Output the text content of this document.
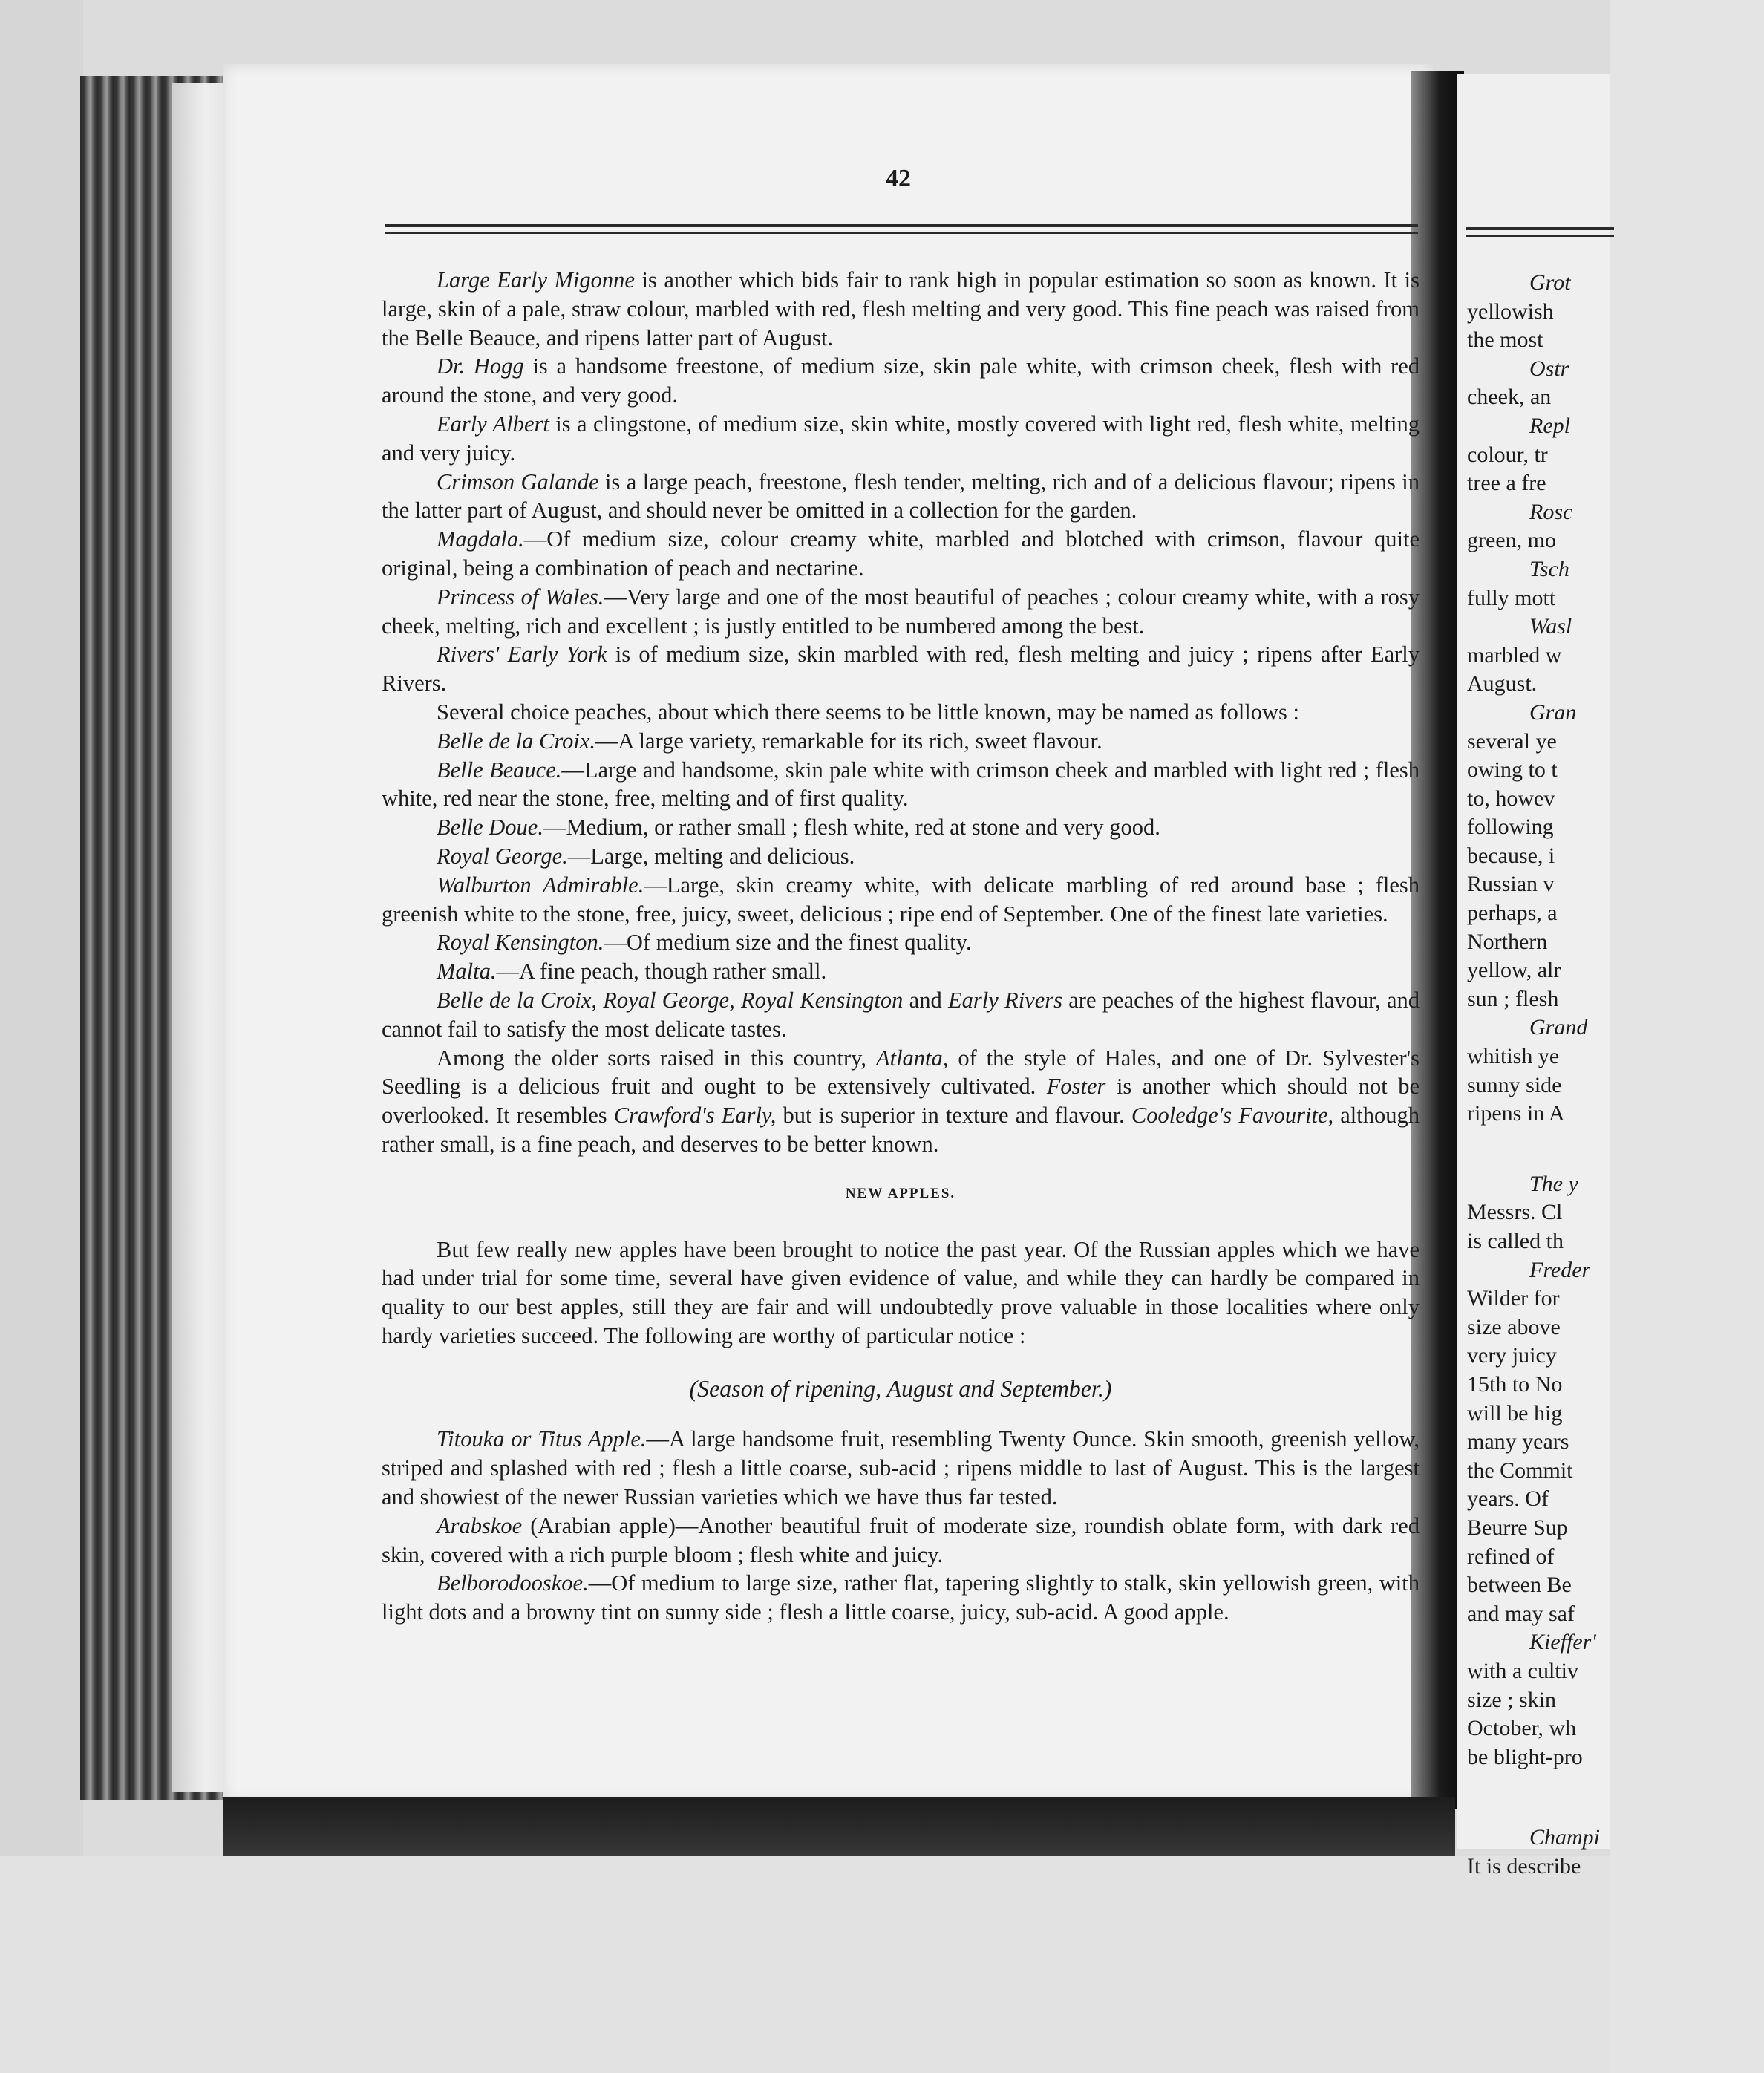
Grot
yellowish
the most
Ostr
cheek, an
Repl
colour, tr
tree a fre
Rosc
green, mo
Tsch
fully mott
Wasl
marbled w
August.
Gran
several ye
owing to t
to, howev
following
because, i
Russian v
perhaps, a
Northern
yellow, alr
sun ; flesh
Grand
whitish ye
sunny side
ripens in A
The y
Messrs. Cl
is called th
Freder
Wilder for
size above
very juicy
15th to No
will be hig
many years
the Commit
years. Of
Beurre Sup
refined of
between Be
and may saf
Kieffer'
with a cultiv
size ; skin
October, wh
be blight-pro
Champi
It is describe
42

Large Early Migonne is another which bids fair to rank high in popular estimation so soon as known. It is large, skin of a pale, straw colour, marbled with red, flesh melting and very good. This fine peach was raised from the Belle Beauce, and ripens latter part of August.

Dr. Hogg is a handsome freestone, of medium size, skin pale white, with crimson cheek, flesh with red around the stone, and very good.

Early Albert is a clingstone, of medium size, skin white, mostly covered with light red, flesh white, melting and very juicy.

Crimson Galande is a large peach, freestone, flesh tender, melting, rich and of a delicious flavour; ripens in the latter part of August, and should never be omitted in a collection for the garden.

Magdala.—Of medium size, colour creamy white, marbled and blotched with crimson, flavour quite original, being a combination of peach and nectarine.

Princess of Wales.—Very large and one of the most beautiful of peaches ; colour creamy white, with a rosy cheek, melting, rich and excellent ; is justly entitled to be numbered among the best.

Rivers' Early York is of medium size, skin marbled with red, flesh melting and juicy ; ripens after Early Rivers.

Several choice peaches, about which there seems to be little known, may be named as follows :

Belle de la Croix.—A large variety, remarkable for its rich, sweet flavour.

Belle Beauce.—Large and handsome, skin pale white with crimson cheek and marbled with light red ; flesh white, red near the stone, free, melting and of first quality.

Belle Doue.—Medium, or rather small ; flesh white, red at stone and very good.

Royal George.—Large, melting and delicious.

Walburton Admirable.—Large, skin creamy white, with delicate marbling of red around base ; flesh greenish white to the stone, free, juicy, sweet, delicious ; ripe end of September. One of the finest late varieties.

Royal Kensington.—Of medium size and the finest quality.

Malta.—A fine peach, though rather small.

Belle de la Croix, Royal George, Royal Kensington and Early Rivers are peaches of the highest flavour, and cannot fail to satisfy the most delicate tastes.

Among the older sorts raised in this country, Atlanta, of the style of Hales, and one of Dr. Sylvester's Seedling is a delicious fruit and ought to be extensively cultivated. Foster is another which should not be overlooked. It resembles Crawford's Early, but is superior in texture and flavour. Cooledge's Favourite, although rather small, is a fine peach, and deserves to be better known.

NEW APPLES.

But few really new apples have been brought to notice the past year. Of the Russian apples which we have had under trial for some time, several have given evidence of value, and while they can hardly be compared in quality to our best apples, still they are fair and will undoubtedly prove valuable in those localities where only hardy varieties succeed. The following are worthy of particular notice :

(Season of ripening, August and September.)

Titouka or Titus Apple.—A large handsome fruit, resembling Twenty Ounce. Skin smooth, greenish yellow, striped and splashed with red ; flesh a little coarse, sub-acid ; ripens middle to last of August. This is the largest and showiest of the newer Russian varieties which we have thus far tested.

Arabskoe (Arabian apple)—Another beautiful fruit of moderate size, roundish oblate form, with dark red skin, covered with a rich purple bloom ; flesh white and juicy.

Belborodooskoe.—Of medium to large size, rather flat, tapering slightly to stalk, skin yellowish green, with light dots and a browny tint on sunny side ; flesh a little coarse, juicy, sub-acid. A good apple.
